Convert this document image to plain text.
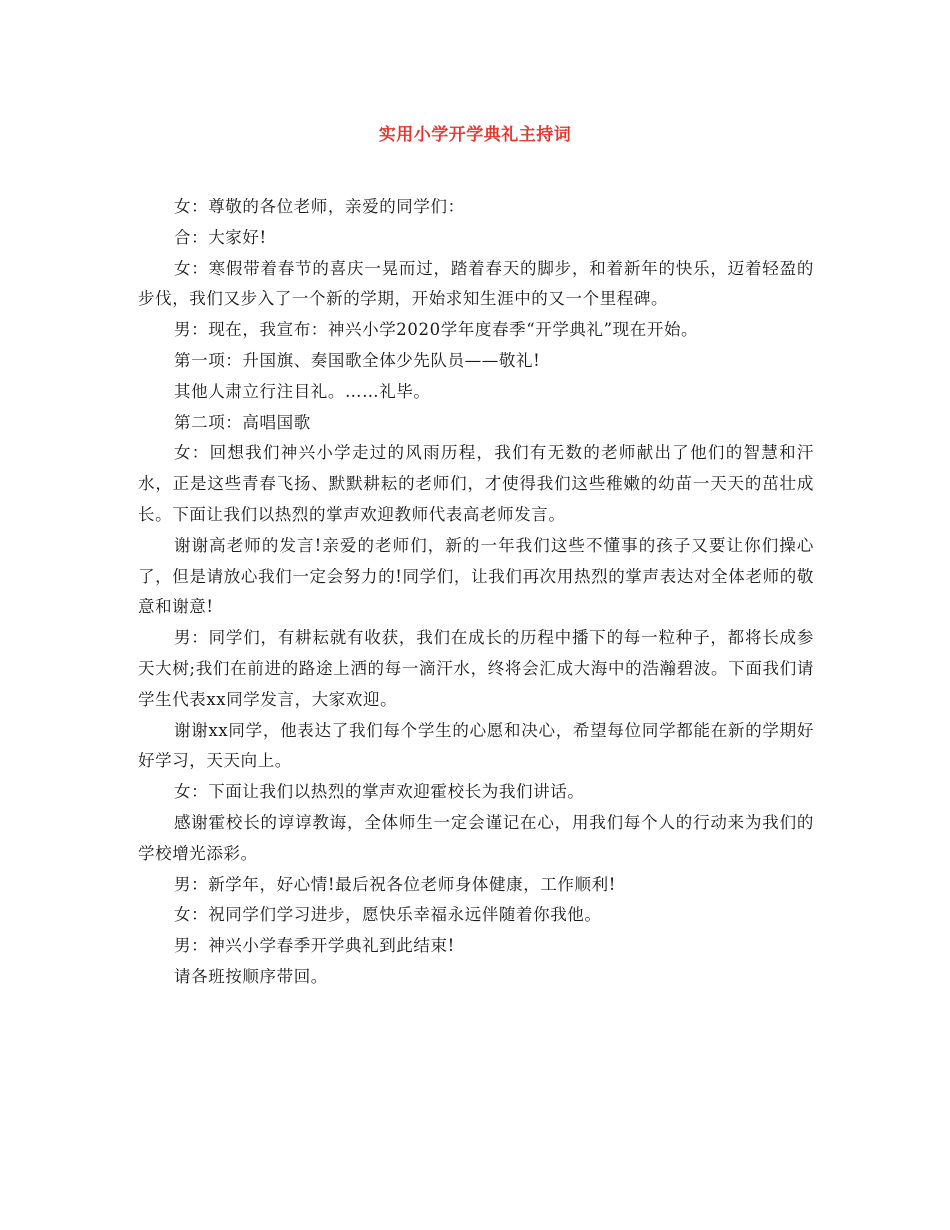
实用小学开学典礼主持词

女：尊敬的各位老师，亲爱的同学们：

合：大家好!

女：寒假带着春节的喜庆一晃而过，踏着春天的脚步，和着新年的快乐，迈着轻盈的步伐，我们又步入了一个新的学期，开始求知生涯中的又一个里程碑。

男：现在，我宣布：神兴小学2020学年度春季“开学典礼”现在开始。

第一项：升国旗、奏国歌全体少先队员——敬礼!

其他人肃立行注目礼。……礼毕。

第二项：高唱国歌

女：回想我们神兴小学走过的风雨历程，我们有无数的老师献出了他们的智慧和汗水，正是这些青春飞扬、默默耕耘的老师们，才使得我们这些稚嫩的幼苗一天天的茁壮成长。下面让我们以热烈的掌声欢迎教师代表高老师发言。

谢谢高老师的发言!亲爱的老师们，新的一年我们这些不懂事的孩子又要让你们操心了，但是请放心我们一定会努力的!同学们，让我们再次用热烈的掌声表达对全体老师的敬意和谢意!

男：同学们，有耕耘就有收获，我们在成长的历程中播下的每一粒种子，都将长成参天大树;我们在前进的路途上洒的每一滴汗水，终将会汇成大海中的浩瀚碧波。下面我们请学生代表xx同学发言，大家欢迎。

谢谢xx同学，他表达了我们每个学生的心愿和决心，希望每位同学都能在新的学期好好学习，天天向上。

女：下面让我们以热烈的掌声欢迎霍校长为我们讲话。

感谢霍校长的谆谆教诲，全体师生一定会谨记在心，用我们每个人的行动来为我们的学校增光添彩。

男：新学年，好心情!最后祝各位老师身体健康，工作顺利!

女：祝同学们学习进步，愿快乐幸福永远伴随着你我他。

男：神兴小学春季开学典礼到此结束!

请各班按顺序带回。
